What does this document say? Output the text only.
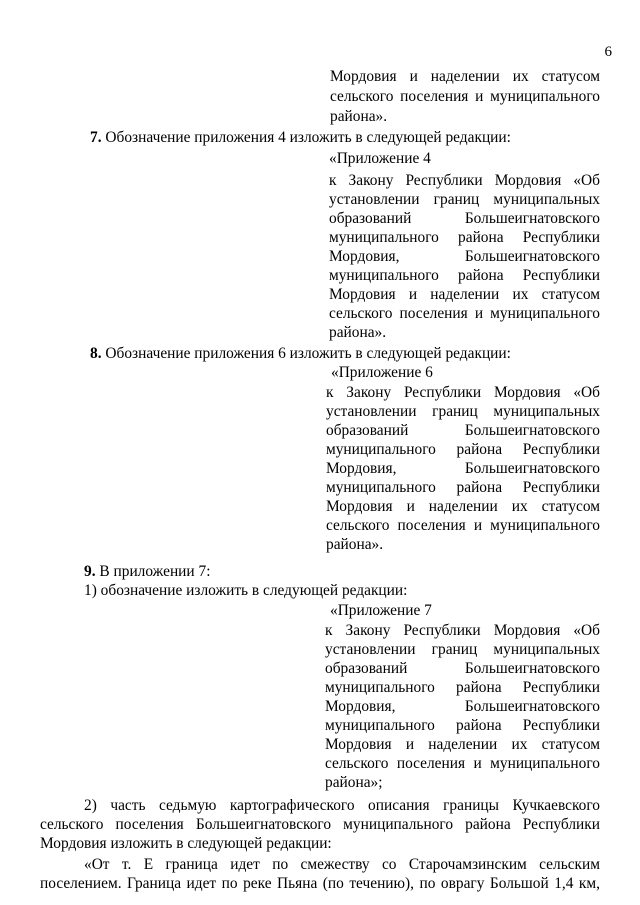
6
Мордовия и наделении их статусом
сельского поселения и муниципального
района».
7. Обозначение приложения 4 изложить в следующей редакции:
«Приложение 4
к Закону Республики Мордовия «Об
установлении границ муниципальных
образований Большеигнатовского
муниципального района Республики
Мордовия, Большеигнатовского
муниципального района Республики
Мордовия и наделении их статусом
сельского поселения и муниципального
района».
8. Обозначение приложения 6 изложить в следующей редакции:
«Приложение 6
к Закону Республики Мордовия «Об
установлении границ муниципальных
образований Большеигнатовского
муниципального района Республики
Мордовия, Большеигнатовского
муниципального района Республики
Мордовия и наделении их статусом
сельского поселения и муниципального
района».
9. В приложении 7:
1) обозначение изложить в следующей редакции:
«Приложение 7
к Закону Республики Мордовия «Об
установлении границ муниципальных
образований Большеигнатовского
муниципального района Республики
Мордовия, Большеигнатовского
муниципального района Республики
Мордовия и наделении их статусом
сельского поселения и муниципального
района»;
2) часть седьмую картографического описания границы Кучкаевского
сельского поселения Большеигнатовского муниципального района Республики
Мордовия изложить в следующей редакции:
«От т. Е граница идет по смежеству со Старочамзинским сельским
поселением. Граница идет по реке Пьяна (по течению), по оврагу Большой 1,4 км,
